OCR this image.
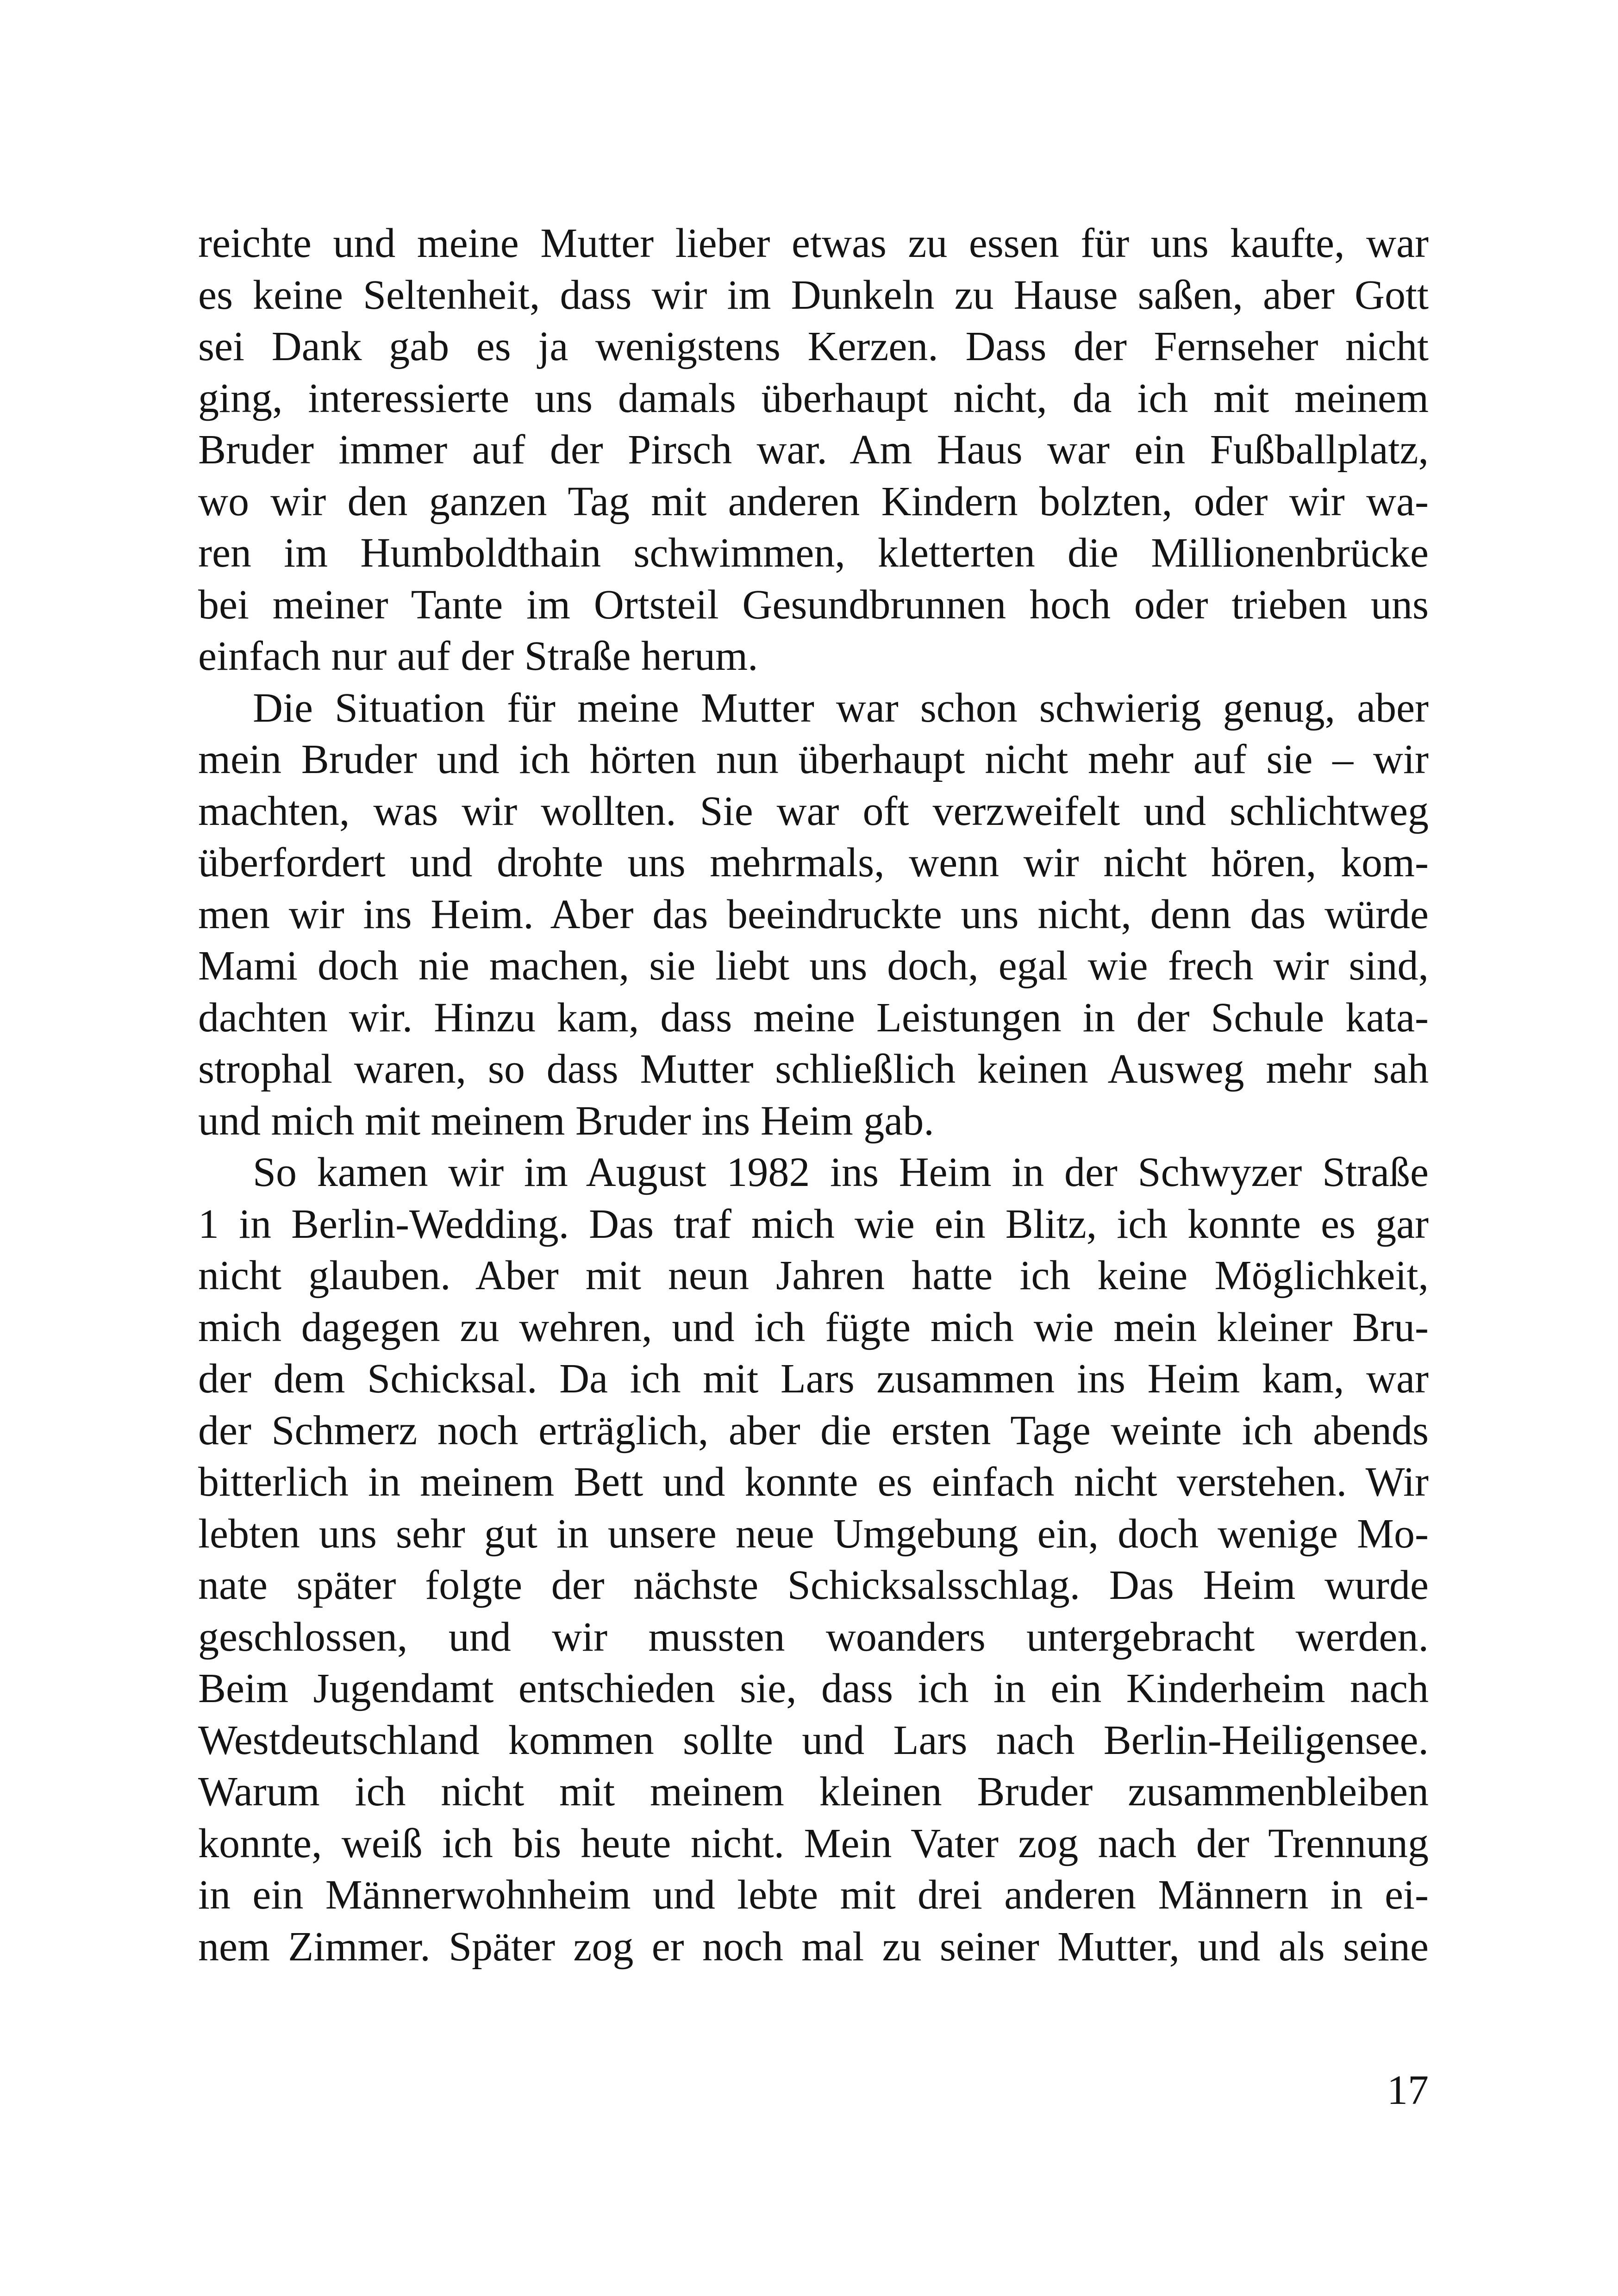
reichte und meine Mutter lieber etwas zu essen für uns kaufte, war
es keine Seltenheit, dass wir im Dunkeln zu Hause saßen, aber Gott
sei Dank gab es ja wenigstens Kerzen. Dass der Fernseher nicht
ging, interessierte uns damals überhaupt nicht, da ich mit meinem
Bruder immer auf der Pirsch war. Am Haus war ein Fußballplatz,
wo wir den ganzen Tag mit anderen Kindern bolzten, oder wir wa-
ren im Humboldthain schwimmen, kletterten die Millionenbrücke
bei meiner Tante im Ortsteil Gesundbrunnen hoch oder trieben uns
einfach nur auf der Straße herum.
Die Situation für meine Mutter war schon schwierig genug, aber
mein Bruder und ich hörten nun überhaupt nicht mehr auf sie – wir
machten, was wir wollten. Sie war oft verzweifelt und schlichtweg
überfordert und drohte uns mehrmals, wenn wir nicht hören, kom-
men wir ins Heim. Aber das beeindruckte uns nicht, denn das würde
Mami doch nie machen, sie liebt uns doch, egal wie frech wir sind,
dachten wir. Hinzu kam, dass meine Leistungen in der Schule kata-
strophal waren, so dass Mutter schließlich keinen Ausweg mehr sah
und mich mit meinem Bruder ins Heim gab.
So kamen wir im August 1982 ins Heim in der Schwyzer Straße
1 in Berlin-Wedding. Das traf mich wie ein Blitz, ich konnte es gar
nicht glauben. Aber mit neun Jahren hatte ich keine Möglichkeit,
mich dagegen zu wehren, und ich fügte mich wie mein kleiner Bru-
der dem Schicksal. Da ich mit Lars zusammen ins Heim kam, war
der Schmerz noch erträglich, aber die ersten Tage weinte ich abends
bitterlich in meinem Bett und konnte es einfach nicht verstehen. Wir
lebten uns sehr gut in unsere neue Umgebung ein, doch wenige Mo-
nate später folgte der nächste Schicksalsschlag. Das Heim wurde
geschlossen, und wir mussten woanders untergebracht werden.
Beim Jugendamt entschieden sie, dass ich in ein Kinderheim nach
Westdeutschland kommen sollte und Lars nach Berlin-Heiligensee.
Warum ich nicht mit meinem kleinen Bruder zusammenbleiben
konnte, weiß ich bis heute nicht. Mein Vater zog nach der Trennung
in ein Männerwohnheim und lebte mit drei anderen Männern in ei-
nem Zimmer. Später zog er noch mal zu seiner Mutter, und als seine
17
